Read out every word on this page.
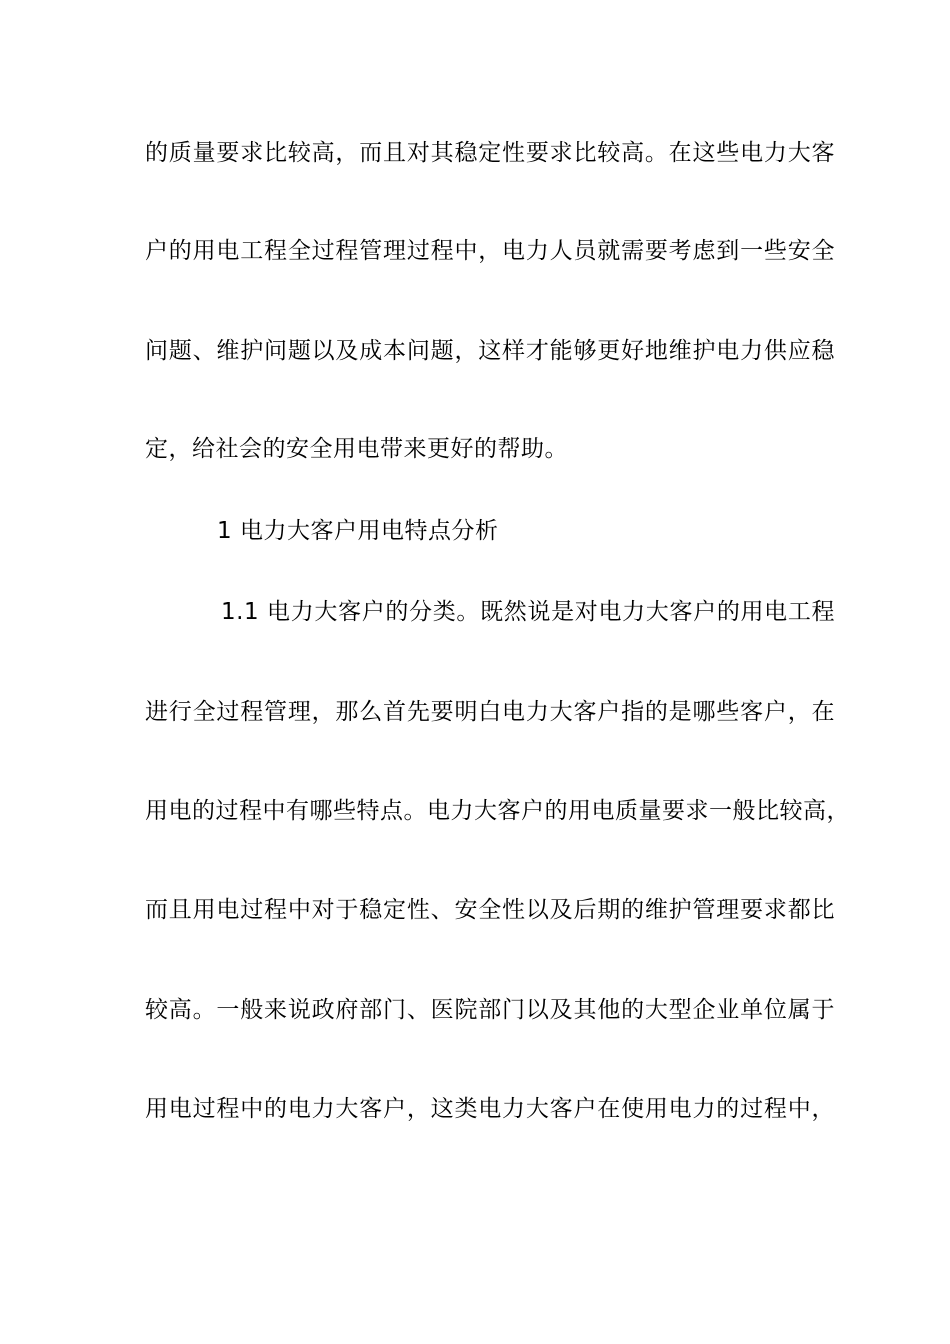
的质量要求比较高，而且对其稳定性要求比较高。在这些电力大客
户的用电工程全过程管理过程中，电力人员就需要考虑到一些安全
问题、维护问题以及成本问题，这样才能够更好地维护电力供应稳
定，给社会的安全用电带来更好的帮助。
1 电力大客户用电特点分析
1.1 电力大客户的分类。既然说是对电力大客户的用电工程
进行全过程管理，那么首先要明白电力大客户指的是哪些客户，在
用电的过程中有哪些特点。电力大客户的用电质量要求一般比较高，
而且用电过程中对于稳定性、安全性以及后期的维护管理要求都比
较高。一般来说政府部门、医院部门以及其他的大型企业单位属于
用电过程中的电力大客户，这类电力大客户在使用电力的过程中，
